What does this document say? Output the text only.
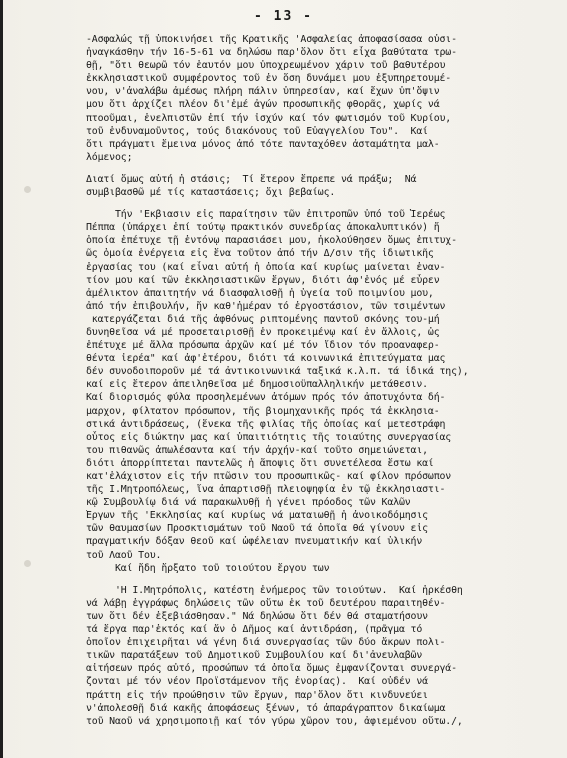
- 13 -
-Ασφαλώς τῇ ὑποκινήσει τῆς Κρατικῆς 'Ασφαλείας ἀποφασίσασα οὐσι-
ἠναγκάσθην τήν 16-5-61 να δηλώσω παρ'ὅλον ὅτι εἶχα βαθύτατα τρω-
θῇ, "ὅτι θεωρῶ τόν ἑαυτόν μου ὑποχρεωμένον χάριν τοῦ βαθυτέρου
ἐκκλησιαστικοῦ συμφέροντος τοῦ ἐν ὅση δυνάμει μου ἐξυπηρετουμέ-
νου, ν'ἀναλάβω ἀμέσως πλήρη πάλιν ὑπηρεσίαν, καί ἔχων ὑπ'ὄψιν
μου ὅτι ἀρχίζει πλέον δι'ἐμέ ἀγών προσωπικῆς φθορᾶς, χωρίς νά
πτοοῦμαι, ἐνελπιστῶν ἐπί τήν ἰσχύν καί τόν φωτισμόν τοῦ Κυρίου,
τοῦ ἐνδυναμοῦντος, τούς διακόνους τοῦ Εὐαγγελίου Του".  Καί
ὅτι πράγματι ἔμεινα μόνος ἀπό τότε πανταχόθεν ἀσταμάτητα μαλ-
λόμενος;
Διατί ὅμως αὐτή ἡ στάσις;  Τί ἕτερον ἔπρεπε νά πράξω;  Νά
συμβιβασθῶ μέ τίς καταστάσεις; ὄχι βεβαίως.
Τήν 'Εκβιασιν εἰς παραίτησιν τῶν ἐπιτροπῶν ὑπό τοῦ Ἱερέως
Πέππα (ὑπάρχει ἐπί τούτῳ πρακτικόν συνεδρίας ἀποκαλυπτικόν) ἤ
ὁποία ἐπέτυχε τῇ ἐντόνῳ παρασιάσει μου, ἠκολούθησεν ὅμως ἐπιτυχ-
ῶς ὁμοία ἐνέργεια εἰς ἕνα τοῦτον ἀπό τήν Δ/σιν τῆς ἰδιωτικῆς
ἐργασίας του (καί εἶναι αὐτή ἡ ὁποία καί κυρίως μαίνεται ἐναν-
τίον μου καί τῶν ἐκκλησιαστικῶν ἔργων, διότι ἀφ'ἑνός μέ εὗρεν
ἀμέλικτον ἀπαιτητήν νά διασφαλισθῇ ἡ ὑγεία τοῦ ποιμνίου μου,
ἀπό τήν ἐπιβουλήν, ἥν καθ'ἡμέραν τό ἐργοστάσιον, τῶν τσιμέντων
κατεργάζεται διά τῆς ἀφθόνως ριπτομένης παντοῦ σκόνης του-μή
δυνηθεῖσα νά μέ προσεταιρισθῇ ἐν προκειμένῳ καί ἐν ἄλλοις, ὡς
ἐπέτυχε μέ ἄλλα πρόσωπα ἀρχῶν καί μέ τόν ἴδιον τόν προαναφερ-
θέντα ἱερέα" καί ἀφ'ἑτέρου, διότι τά κοινωνικά ἐπιτεύγματα μας
δέν συνοδοιποροῦν μέ τά ἀντικοινωνικά ταξικά κ.λ.π. τά ἰδικά της),
καί εἰς ἕτερον ἀπειληθεῖσα μέ δημοσιοϋπαλληλικήν μετάθεσιν.
Καί διορισμός φύλα προσηλεμένων ἀτόμων πρός τόν ἀποτυχόντα δή-
μαρχον, φίλτατον πρόσωπον, τῆς βιομηχανικῆς πρός τά ἐκκλησια-
στικά ἀντιδράσεως, (ἕνεκα τῆς φιλίας τῆς ὁποίας καί μετεστράφη
οὗτος εἰς διώκτην μας καί ὑπαιτιότητις τῆς τοιαύτης συνεργασίας
του πιθανῶς ἀπωλέσαντα καί τήν ἀρχήν-καί τοῦτο σημειώνεται,
διότι ἀπορρίπτεται παντελῶς ἡ ἄποψις ὅτι συνετέλεσα ἔστω καί
κατ'ἐλάχιστον εἰς τήν πτῶσιν του προσωπικῶς- καί φίλον πρόσωπον
τῆς Ι.Μητροπόλεως, ἵνα ἀπαρτισθῇ πλειοψηφία ἐν τῷ ἐκκλησιαστι-
κῷ Συμβουλίῳ διά νά παρακωλυθῇ ἡ γένει πρόοδος τῶν Καλῶν
Ἔργων τῆς 'Εκκλησίας καί κυρίως νά ματαιωθῇ ἡ ἀνοικοδόμησις
τῶν θαυμασίων Προσκτισμάτων τοῦ Ναοῦ τά ὁποῖα θά γίνουν εἰς
πραγματικήν δόξαν θεοῦ καί ὠφέλειαν πνευματικήν καί ὑλικήν
τοῦ Λαοῦ Του.
Καί ἤδη ἤρξατο τοῦ τοιούτου ἔργου των
'Η Ι.Μητρόπολις, κατέστη ἐνήμερος τῶν τοιούτων.  Καί ἠρκέσθη
νά λάβῃ ἐγγράφως δηλώσεις τῶν οὕτω ἐκ τοῦ δευτέρου παραιτηθέν-
των ὅτι δέν ἐξεβιάσθησαν." Νά δηλώσω ὅτι δέν θά σταματήσουν
τά ἔργα παρ'ἐκτός καί ἄν ὁ Δῆμος καί ἀντιδράση, (πρᾶγμα τό
ὁποῖον ἐπιχειρῆται νά γένη διά συνεργασίας τῶν δύο ἄκρων πολι-
τικῶν παρατάξεων τοῦ Δημοτικοῦ Συμβουλίου καί δι'ἀνευλαβῶν
αἰτήσεων πρός αὐτό, προσώπων τά ὁποῖα ὅμως ἐμφανίζονται συνεργά-
ζονται μέ τόν νέον Προϊστάμενον τῆς ἐνορίας).  Καί οὐδέν νά
πράττη εἰς τήν προώθησιν τῶν ἔργων, παρ'ὅλον ὅτι κινδυνεύει
ν'ἀπολεσθῇ διά κακῆς ἀποφάσεως ξένων, τό ἀπαράγραπτον δικαίωμα
τοῦ Ναοῦ νά χρησιμοποιῇ καί τόν γύρω χῶρον του, ἀφιεμένου οὕτω./,
